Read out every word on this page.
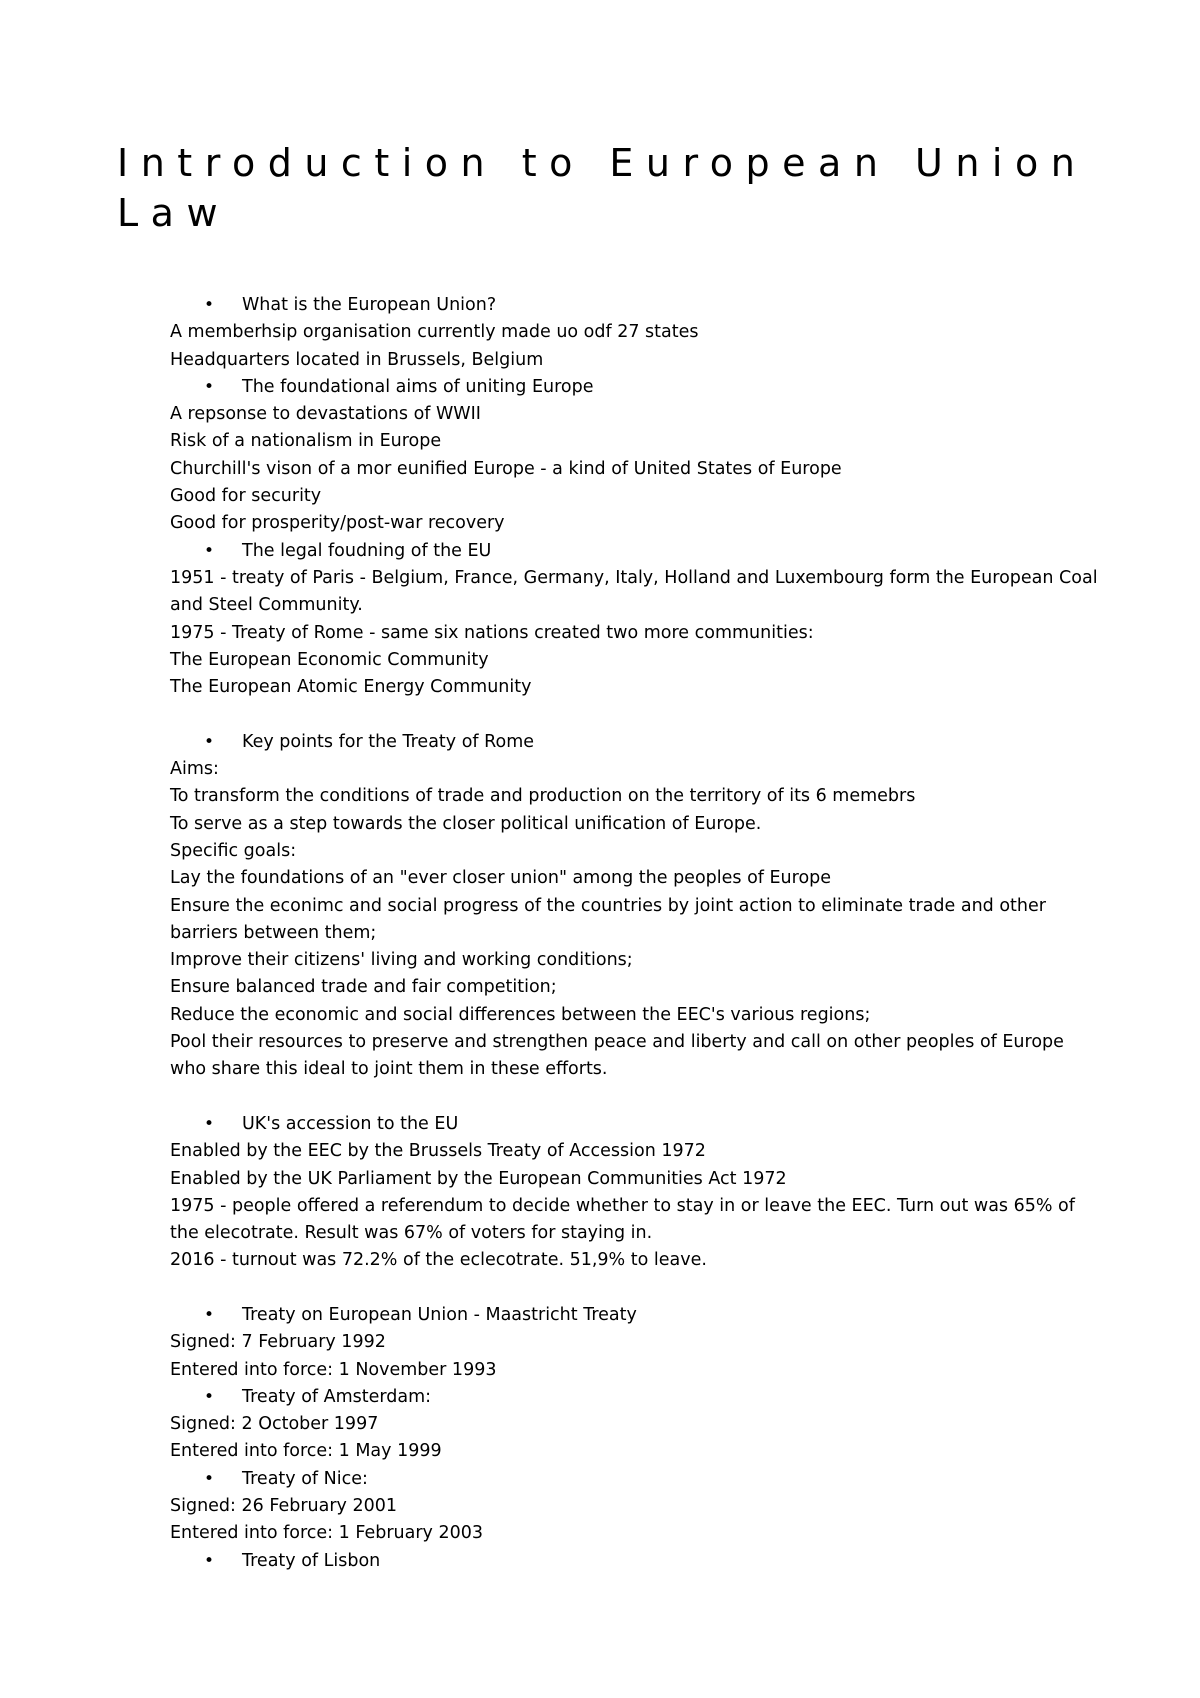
Introduction to European Union Law
• What is the European Union?
A memberhsip organisation currently made uo odf 27 states
Headquarters located in Brussels, Belgium
• The foundational aims of uniting Europe
A repsonse to devastations of WWII
Risk of a nationalism in Europe
Churchill's vison of a mor eunified Europe - a kind of United States of Europe
Good for security
Good for prosperity/post-war recovery
• The legal foudning of the EU
1951 - treaty of Paris - Belgium, France, Germany, Italy, Holland and Luxembourg form the European Coal and Steel Community.
1975 - Treaty of Rome - same six nations created two more communities:
The European Economic Community
The European Atomic Energy Community
• Key points for the Treaty of Rome
Aims:
To transform the conditions of trade and production on the territory of its 6 memebrs
To serve as a step towards the closer political unification of Europe.
Specific goals:
Lay the foundations of an "ever closer union" among the peoples of Europe
Ensure the econimc and social progress of the countries by joint action to eliminate trade and other barriers between them;
Improve their citizens' living and working conditions;
Ensure balanced trade and fair competition;
Reduce the economic and social differences between the EEC's various regions;
Pool their resources to preserve and strengthen peace and liberty and call on other peoples of Europe who share this ideal to joint them in these efforts.
• UK's accession to the EU
Enabled by the EEC by the Brussels Treaty of Accession 1972
Enabled by the UK Parliament by the European Communities Act 1972
1975 - people offered a referendum to decide whether to stay in or leave the EEC. Turn out was 65% of the elecotrate. Result was 67% of voters for staying in.
2016 - turnout was 72.2% of the eclecotrate. 51,9% to leave.
• Treaty on European Union - Maastricht Treaty
Signed: 7 February 1992
Entered into force: 1 November 1993
• Treaty of Amsterdam:
Signed: 2 October 1997
Entered into force: 1 May 1999
• Treaty of Nice:
Signed: 26 February 2001
Entered into force: 1 February 2003
• Treaty of Lisbon
